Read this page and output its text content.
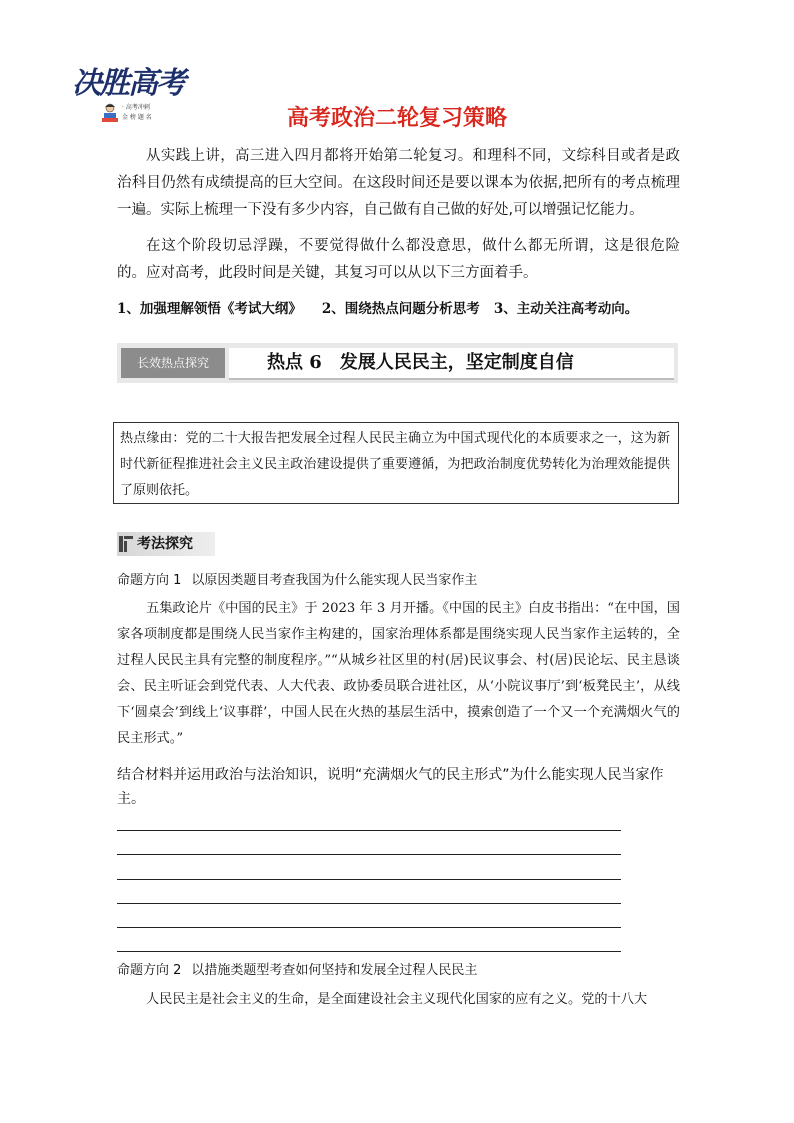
决胜高考
· 高考冲刺
金 榜 题 名	高考政治二轮复习策略

从实践上讲，高三进入四月都将开始第二轮复习。和理科不同，文综科目或者是政治科目仍然有成绩提高的巨大空间。在这段时间还是要以课本为依据,把所有的考点梳理一遍。实际上梳理一下没有多少内容，自己做有自己做的好处,可以增强记忆能力。

在这个阶段切忌浮躁，不要觉得做什么都没意思，做什么都无所谓，这是很危险的。应对高考，此段时间是关键，其复习可以从以下三方面着手。

1、加强理解领悟《考试大纲》 2、围绕热点问题分析思考 3、主动关注高考动向。
长效热点探究	热点 6　发展人民民主，坚定制度自信

热点缘由：党的二十大报告把发展全过程人民民主确立为中国式现代化的本质要求之一，这为新时代新征程推进社会主义民主政治建设提供了重要遵循，为把政治制度优势转化为治理效能提供了原则依托。

考法探究
命题方向 1 以原因类题目考查我国为什么能实现人民当家作主

五集政论片《中国的民主》于 2023 年 3 月开播。《中国的民主》白皮书指出：“在中国，国家各项制度都是围绕人民当家作主构建的，国家治理体系都是围绕实现人民当家作主运转的，全过程人民民主具有完整的制度程序。”“从城乡社区里的村(居)民议事会、村(居)民论坛、民主恳谈会、民主听证会到党代表、人大代表、政协委员联合进社区，从‘小院议事厅’到‘板凳民主’，从线下‘圆桌会’到线上‘议事群’，中国人民在火热的基层生活中，摸索创造了一个又一个充满烟火气的民主形式。”

结合材料并运用政治与法治知识，说明“充满烟火气的民主形式”为什么能实现人民当家作主。

命题方向 2 以措施类题型考查如何坚持和发展全过程人民民主

人民民主是社会主义的生命，是全面建设社会主义现代化国家的应有之义。党的十八大
